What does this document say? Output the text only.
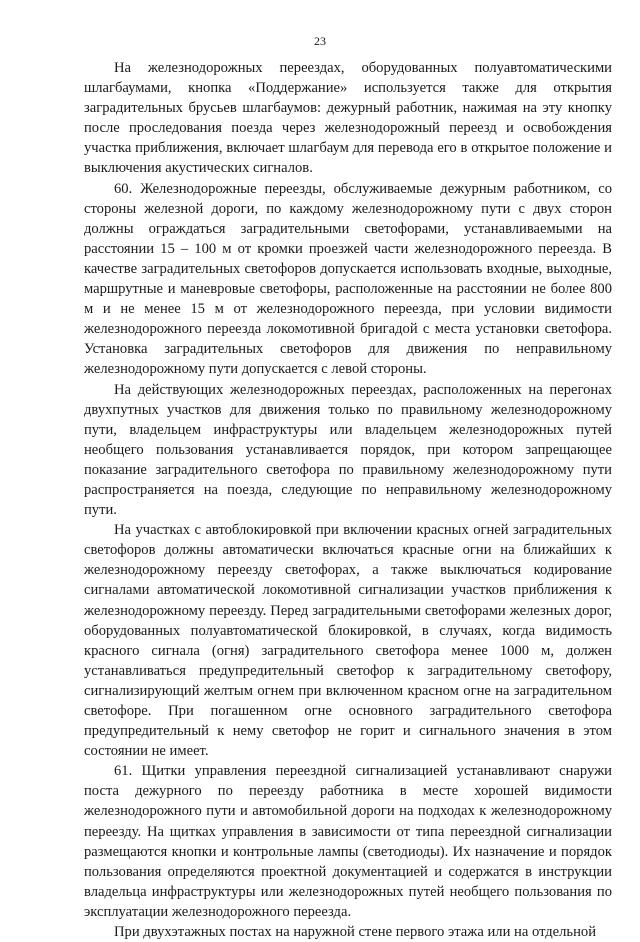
23

На железнодорожных переездах, оборудованных полуавтоматическими шлагбаумами, кнопка «Поддержание» используется также для открытия заградительных брусьев шлагбаумов: дежурный работник, нажимая на эту кнопку после проследования поезда через железнодорожный переезд и освобождения участка приближения, включает шлагбаум для перевода его в открытое положение и выключения акустических сигналов.

60. Железнодорожные переезды, обслуживаемые дежурным работником, со стороны железной дороги, по каждому железнодорожному пути с двух сторон должны ограждаться заградительными светофорами, устанавливаемыми на расстоянии 15 – 100 м от кромки проезжей части железнодорожного переезда. В качестве заградительных светофоров допускается использовать входные, выходные, маршрутные и маневровые светофоры, расположенные на расстоянии не более 800 м и не менее 15 м от железнодорожного переезда, при условии видимости железнодорожного переезда локомотивной бригадой с места установки светофора. Установка заградительных светофоров для движения по неправильному железнодорожному пути допускается с левой стороны.

На действующих железнодорожных переездах, расположенных на перегонах двухпутных участков для движения только по правильному железнодорожному пути, владельцем инфраструктуры или владельцем железнодорожных путей необщего пользования устанавливается порядок, при котором запрещающее показание заградительного светофора по правильному железнодорожному пути распространяется на поезда, следующие по неправильному железнодорожному пути.

На участках с автоблокировкой при включении красных огней заградительных светофоров должны автоматически включаться красные огни на ближайших к железнодорожному переезду светофорах, а также выключаться кодирование сигналами автоматической локомотивной сигнализации участков приближения к железнодорожному переезду. Перед заградительными светофорами железных дорог, оборудованных полуавтоматической блокировкой, в случаях, когда видимость красного сигнала (огня) заградительного светофора менее 1000 м, должен устанавливаться предупредительный светофор к заградительному светофору, сигнализирующий желтым огнем при включенном красном огне на заградительном светофоре. При погашенном огне основного заградительного светофора предупредительный к нему светофор не горит и сигнального значения в этом состоянии не имеет.

61. Щитки управления переездной сигнализацией устанавливают снаружи поста дежурного по переезду работника в месте хорошей видимости железнодорожного пути и автомобильной дороги на подходах к железнодорожному переезду. На щитках управления в зависимости от типа переездной сигнализации размещаются кнопки и контрольные лампы (светодиоды). Их назначение и порядок пользования определяются проектной документацией и содержатся в инструкции владельца инфраструктуры или железнодорожных путей необщего пользования по эксплуатации железнодорожного переезда.

При двухэтажных постах на наружной стене первого этажа или на отдельной
